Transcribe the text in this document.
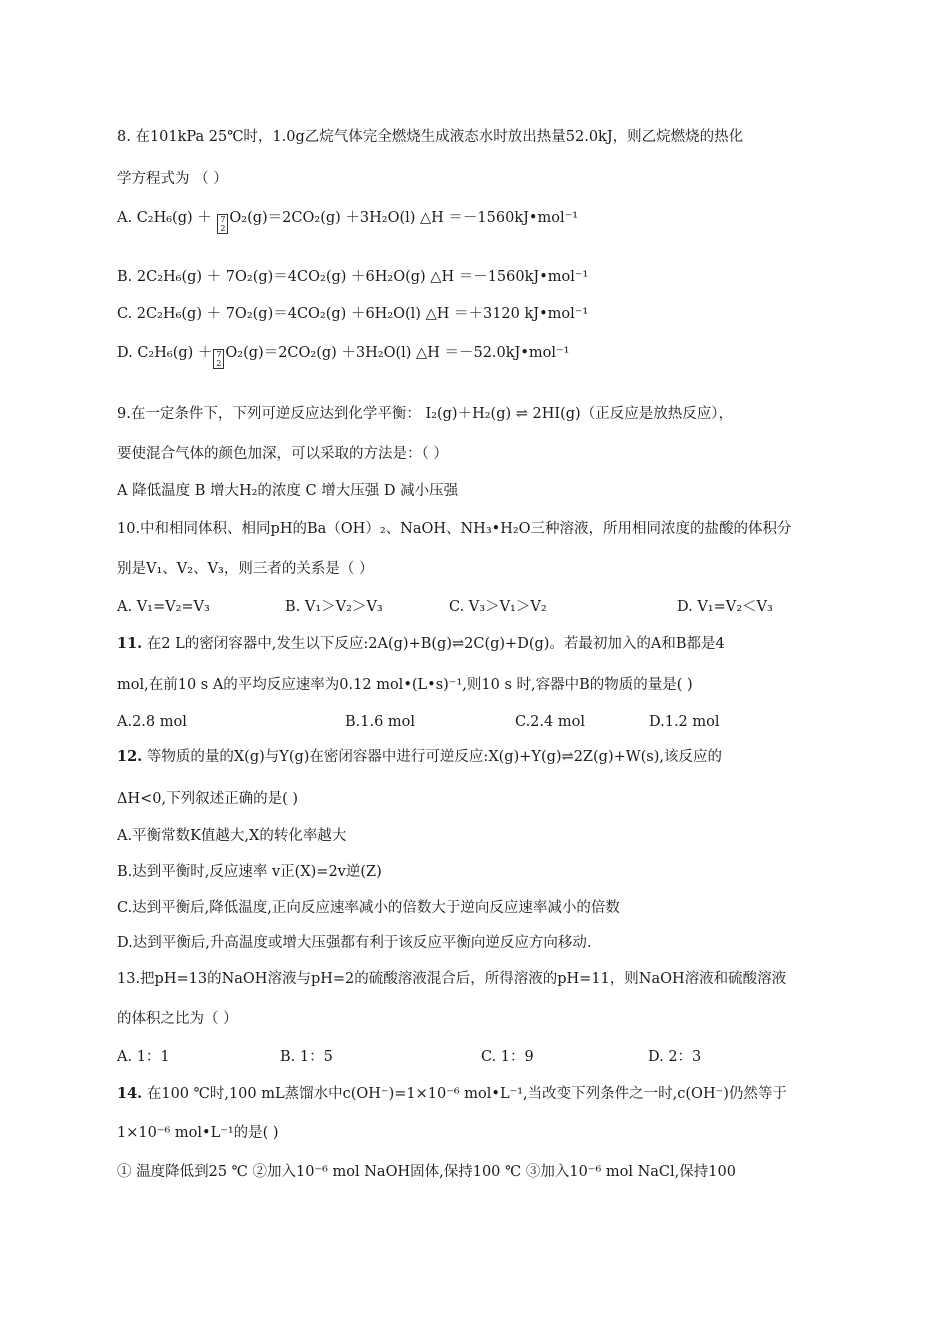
8. 在101kPa 25℃时，1.0g乙烷气体完全燃烧生成液态水时放出热量52.0kJ，则乙烷燃烧的热化
学方程式为 （ ）
A. C₂H₆(g) ＋ 7
2
O₂(g)＝2CO₂(g) ＋3H₂O(l) △H ＝－1560kJ•mol⁻¹
B. 2C₂H₆(g) ＋ 7O₂(g)＝4CO₂(g) ＋6H₂O(g) △H ＝－1560kJ•mol⁻¹
C. 2C₂H₆(g) ＋ 7O₂(g)＝4CO₂(g) ＋6H₂O(l) △H ＝＋3120 kJ•mol⁻¹
D. C₂H₆(g) ＋ 7
2
O₂(g)＝2CO₂(g) ＋3H₂O(l) △H ＝－52.0kJ•mol⁻¹
9.在一定条件下，下列可逆反应达到化学平衡： I₂(g)＋H₂(g) ⇌ 2HI(g)（正反应是放热反应），
要使混合气体的颜色加深，可以采取的方法是：（ ）
A 降低温度 B 增大H₂的浓度 C 增大压强 D 减小压强
10.中和相同体积、相同pH的Ba（OH）₂、NaOH、NH₃•H₂O三种溶液，所用相同浓度的盐酸的体积分
别是V₁、V₂、V₃，则三者的关系是（ ）
A. V₁=V₂=V₃	B. V₁＞V₂＞V₃	C. V₃＞V₁＞V₂	D. V₁=V₂＜V₃
11. 在2 L的密闭容器中,发生以下反应:2A(g)+B(g)⇌2C(g)+D(g)。若最初加入的A和B都是4
mol,在前10 s A的平均反应速率为0.12 mol•(L•s)⁻¹,则10 s 时,容器中B的物质的量是( )
A.2.8 mol	B.1.6 mol	C.2.4 mol	D.1.2 mol
12. 等物质的量的X(g)与Y(g)在密闭容器中进行可逆反应:X(g)+Y(g)⇌2Z(g)+W(s),该反应的
ΔH<0,下列叙述正确的是( )
A.平衡常数K值越大,X的转化率越大
B.达到平衡时,反应速率 v正(X)=2v逆(Z)
C.达到平衡后,降低温度,正向反应速率减小的倍数大于逆向反应速率减小的倍数
D.达到平衡后,升高温度或增大压强都有利于该反应平衡向逆反应方向移动.
13.把pH=13的NaOH溶液与pH=2的硫酸溶液混合后，所得溶液的pH=11，则NaOH溶液和硫酸溶液
的体积之比为（ ）
A. 1：1	B. 1：5	C. 1：9	D. 2：3
14. 在100 ℃时,100 mL蒸馏水中c(OH⁻)=1×10⁻⁶ mol•L⁻¹,当改变下列条件之一时,c(OH⁻)仍然等于
1×10⁻⁶ mol•L⁻¹的是( )
① 温度降低到25 ℃ ②加入10⁻⁶ mol NaOH固体,保持100 ℃ ③加入10⁻⁶ mol NaCl,保持100
